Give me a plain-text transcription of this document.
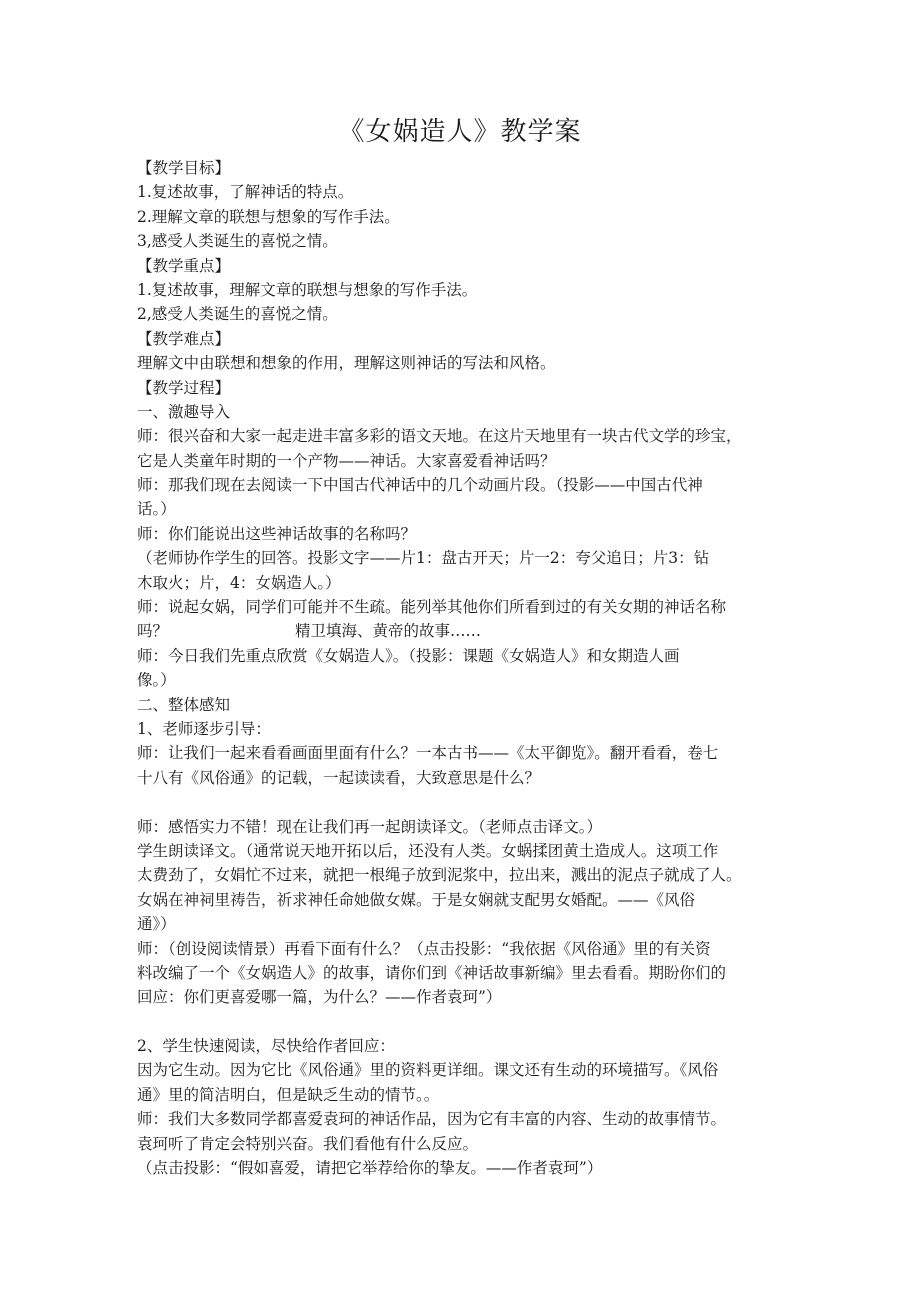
《女娲造人》教学案
【教学目标】
1.复述故事，了解神话的特点。
2.理解文章的联想与想象的写作手法。
3,感受人类诞生的喜悦之情。
【教学重点】
1.复述故事，理解文章的联想与想象的写作手法。
2,感受人类诞生的喜悦之情。
【教学难点】
理解文中由联想和想象的作用，理解这则神话的写法和风格。
【教学过程】
一、激趣导入
师：很兴奋和大家一起走进丰富多彩的语文天地。在这片天地里有一块古代文学的珍宝，
它是人类童年时期的一个产物——神话。大家喜爱看神话吗？
师：那我们现在去阅读一下中国古代神话中的几个动画片段。（投影——中国古代神
话。）
师：你们能说出这些神话故事的名称吗？
（老师协作学生的回答。投影文字——片1：盘古开天；片一2：夸父追日；片3：钻
木取火；片，4：女娲造人。）
师：说起女娲，同学们可能并不生疏。能列举其他你们所看到过的有关女期的神话名称
吗？	精卫填海、黄帝的故事……
师：今日我们先重点欣赏《女娲造人》。（投影：课题《女娲造人》和女期造人画
像。）
二、整体感知
1、老师逐步引导：
师：让我们一起来看看画面里面有什么？一本古书——《太平御览》。翻开看看，卷七
十八有《风俗通》的记载，一起读读看，大致意思是什么？
师：感悟实力不错！现在让我们再一起朗读译文。（老师点击译文。）
学生朗读译文。（通常说天地开拓以后，还没有人类。女蜗揉团黄土造成人。这项工作
太费劲了，女娟忙不过来，就把一根绳子放到泥浆中，拉出来，溅出的泥点子就成了人。
女娲在神祠里祷告，祈求神任命她做女媒。于是女娴就支配男女婚配。——《风俗
通》）
师：（创设阅读情景）再看下面有什么？（点击投影：“我依据《风俗通》里的有关资
料改编了一个《女娲造人》的故事，请你们到《神话故事新编》里去看看。期盼你们的
回应：你们更喜爱哪一篇，为什么？——作者袁珂”）
2、学生快速阅读，尽快给作者回应：
因为它生动。因为它比《风俗通》里的资料更详细。课文还有生动的环境描写。《风俗
通》里的简洁明白，但是缺乏生动的情节。。
师：我们大多数同学都喜爱袁珂的神话作品，因为它有丰富的内容、生动的故事情节。
袁珂听了肯定会特别兴奋。我们看他有什么反应。
（点击投影：“假如喜爱，请把它举荐给你的挚友。——作者袁珂”）
